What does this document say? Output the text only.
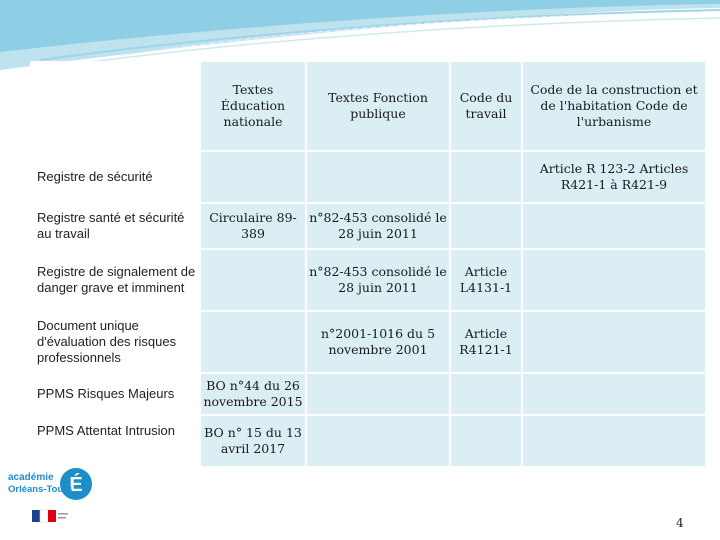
	Textes Éducation nationale	Textes Fonction publique	Code du travail	Code de la construction et de l'habitation Code de l'urbanisme
Registre de sécurité				Article R 123-2 Articles R421-1 à R421-9
Registre santé et sécurité au travail	Circulaire 89-389	n°82-453 consolidé le 28 juin 2011		
Registre de signalement de danger grave et imminent		n°82-453 consolidé le 28 juin 2011	Article L4131-1	
Document unique d'évaluation des risques professionnels		n°2001-1016 du 5 novembre 2001	Article R4121-1	
PPMS Risques Majeurs	BO n°44 du 26 novembre 2015			
PPMS Attentat Intrusion	BO n° 15 du 13 avril 2017			
É
académie
Orléans-Tours
4
